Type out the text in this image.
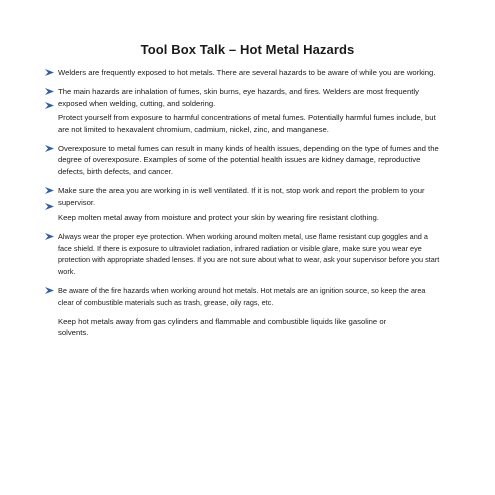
Tool Box Talk – Hot Metal Hazards
Welders are frequently exposed to hot metals. There are several hazards to be aware of while you are working.
The main hazards are inhalation of fumes, skin burns, eye hazards, and fires. Welders are most frequently exposed when welding, cutting, and soldering.
Protect yourself from exposure to harmful concentrations of metal fumes. Potentially harmful fumes include, but are not limited to hexavalent chromium, cadmium, nickel, zinc, and manganese.
Overexposure to metal fumes can result in many kinds of health issues, depending on the type of fumes and the degree of overexposure. Examples of some of the potential health issues are kidney damage, reproductive defects, birth defects, and cancer.
Make sure the area you are working in is well ventilated. If it is not, stop work and report the problem to your supervisor.
Keep molten metal away from moisture and protect your skin by wearing fire resistant clothing.
Always wear the proper eye protection. When working around molten metal, use flame resistant cup goggles and a face shield. If there is exposure to ultraviolet radiation, infrared radiation or visible glare, make sure you wear eye protection with appropriate shaded lenses. If you are not sure about what to wear, ask your supervisor before you start work.
Be aware of the fire hazards when working around hot metals. Hot metals are an ignition source, so keep the area clear of combustible materials such as trash, grease, oily rags, etc.
Keep hot metals away from gas cylinders and flammable and combustible liquids like gasoline or solvents.
